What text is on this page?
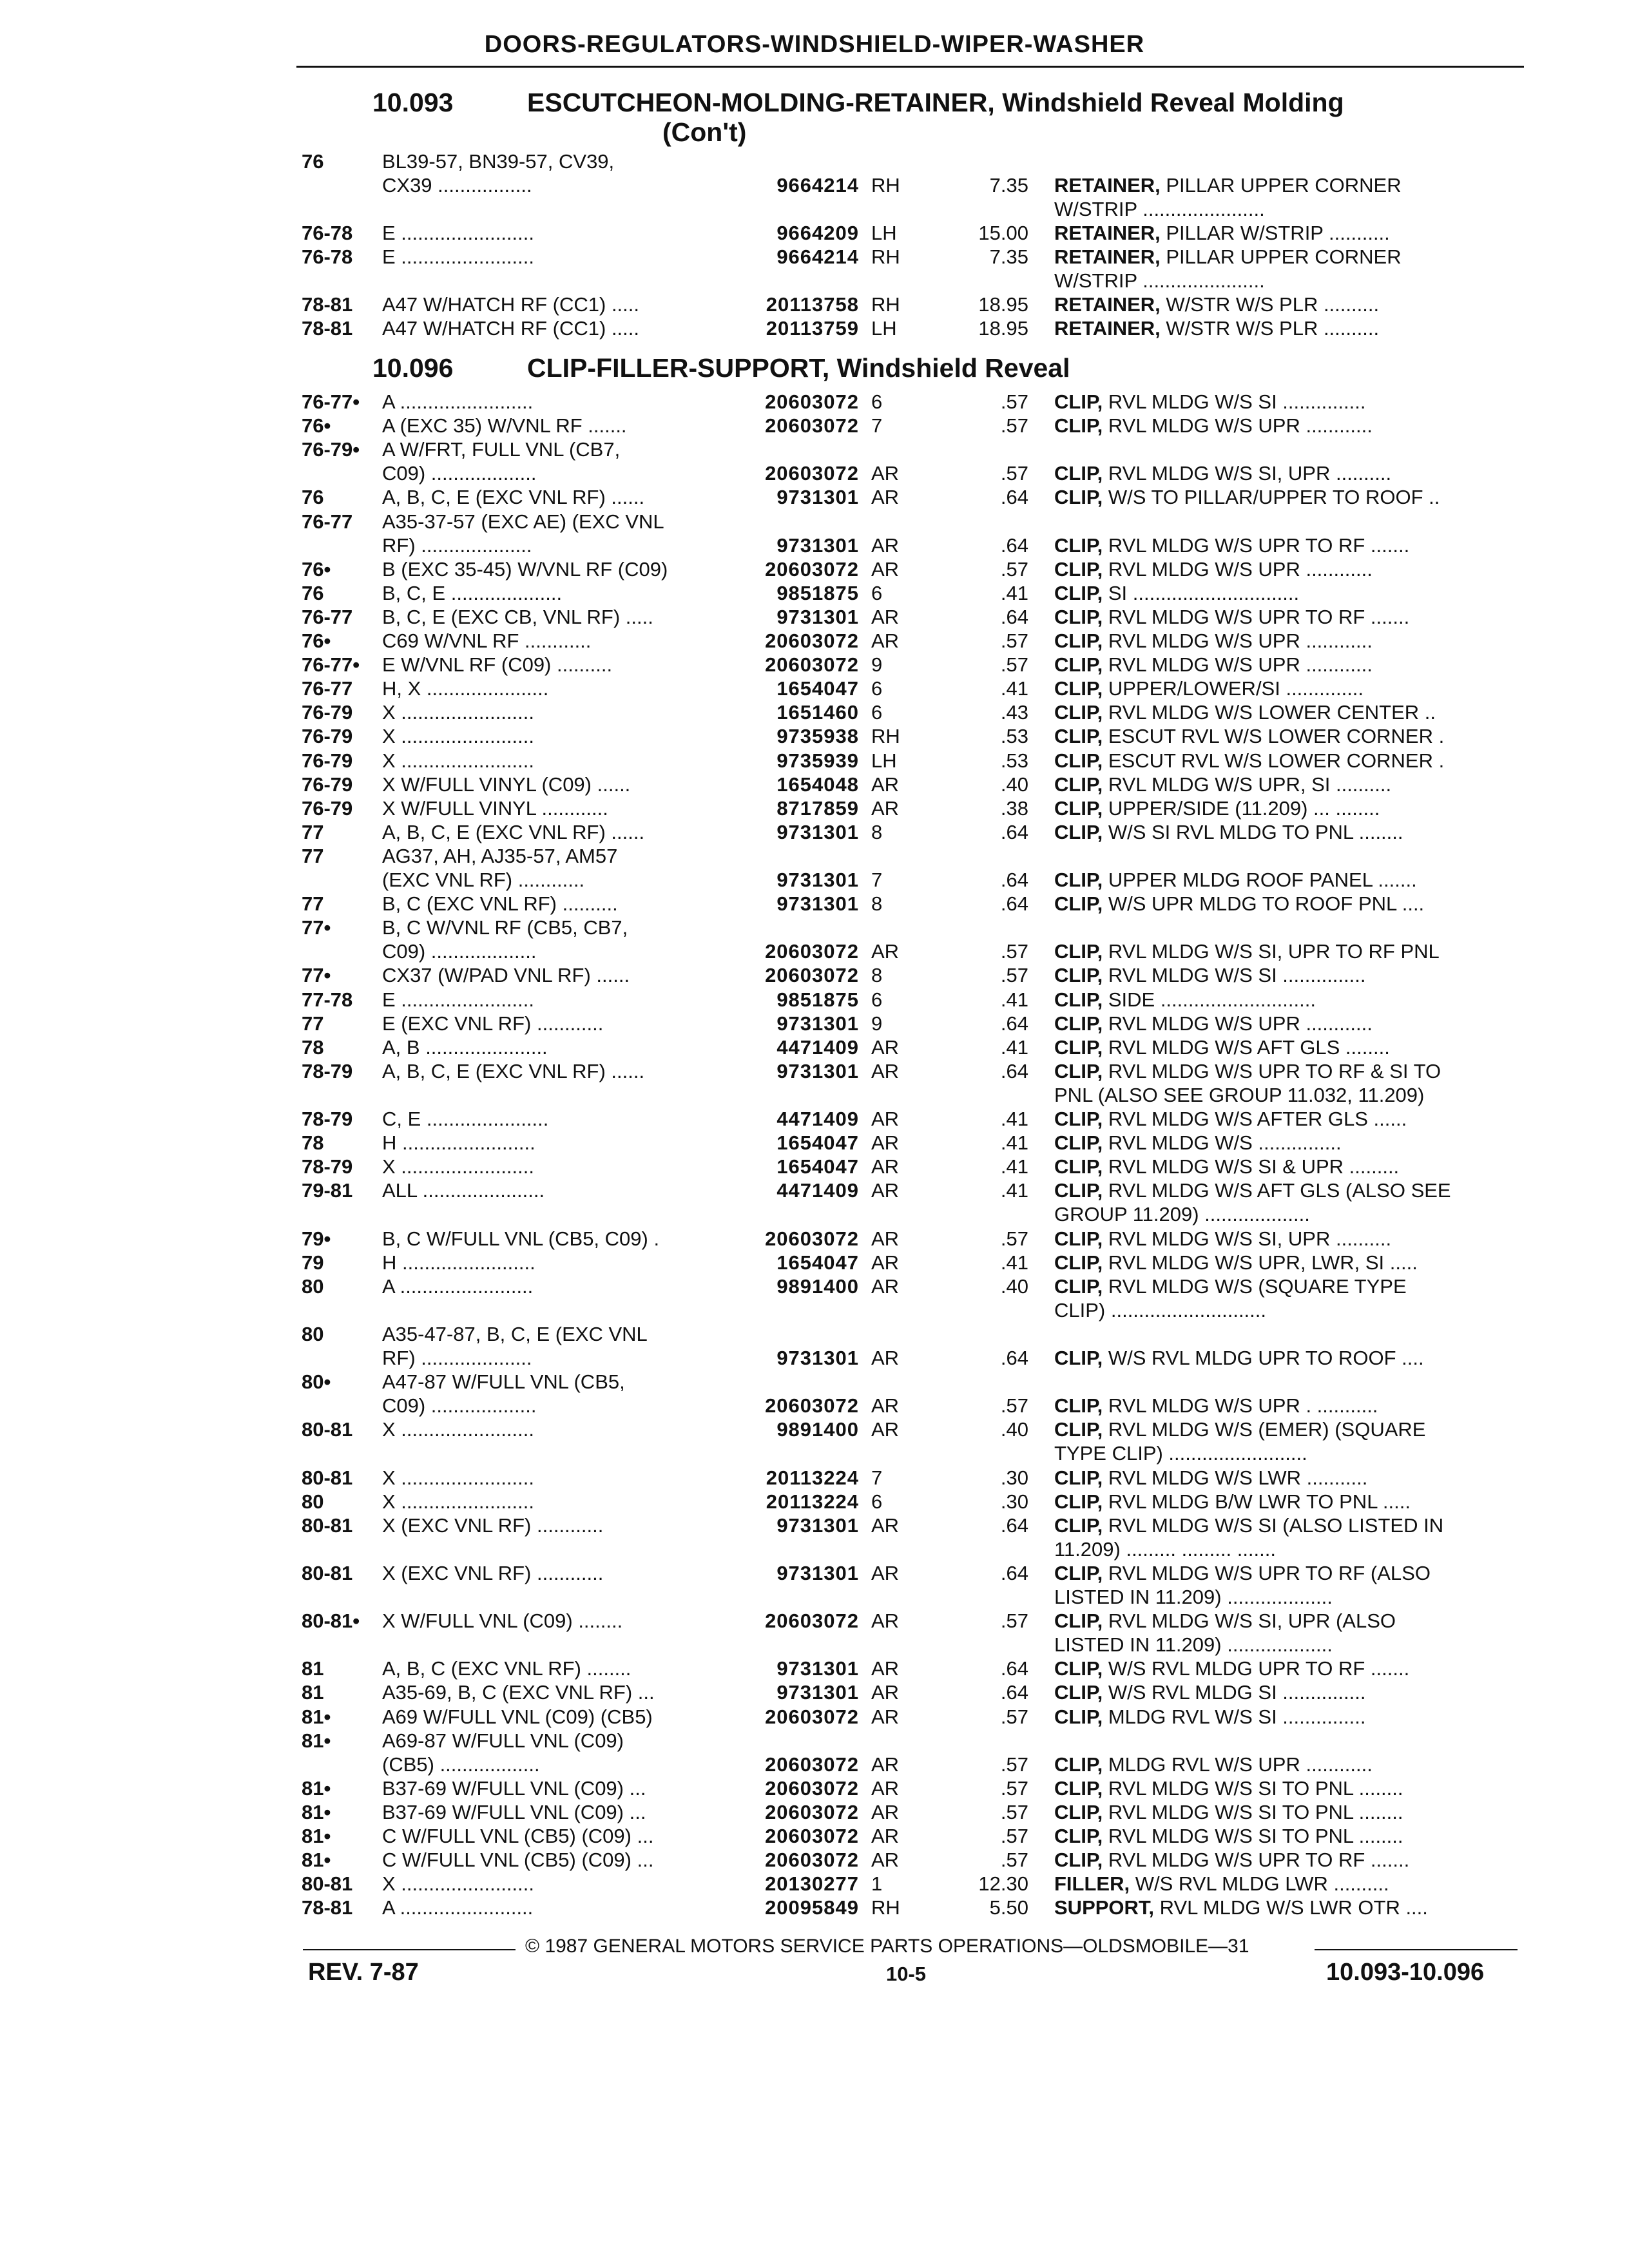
DOORS-REGULATORS-WINDSHIELD-WIPER-WASHER
10.093	ESCUTCHEON-MOLDING-RETAINER, Windshield Reveal Molding
(Con't)
76	BL39-57, BN39-57, CV39,
CX39 .................	9664214 RH	7.35 RETAINER, PILLAR UPPER CORNER
W/STRIP ......................
76-78	E ........................	9664209 LH	15.00 RETAINER, PILLAR W/STRIP ...........
76-78	E ........................	9664214 RH	7.35 RETAINER, PILLAR UPPER CORNER
W/STRIP ......................
78-81	A47 W/HATCH RF (CC1) .....	20113758 RH	18.95 RETAINER, W/STR W/S PLR ..........
78-81	A47 W/HATCH RF (CC1) .....	20113759 LH	18.95 RETAINER, W/STR W/S PLR ..........
10.096	CLIP-FILLER-SUPPORT, Windshield Reveal
76-77•	A ........................	20603072 6	.57 CLIP, RVL MLDG W/S SI ...............
76•	A (EXC 35) W/VNL RF .......	20603072 7	.57 CLIP, RVL MLDG W/S UPR ............
76-79•	A W/FRT, FULL VNL (CB7,
C09) ...................	20603072 AR	.57 CLIP, RVL MLDG W/S SI, UPR ..........
76	A, B, C, E (EXC VNL RF) ......	9731301 AR	.64 CLIP, W/S TO PILLAR/UPPER TO ROOF ..
76-77	A35-37-57 (EXC AE) (EXC VNL
RF) ....................	9731301 AR	.64 CLIP, RVL MLDG W/S UPR TO RF .......
76•	B (EXC 35-45) W/VNL RF (C09)	20603072 AR	.57 CLIP, RVL MLDG W/S UPR ............
76	B, C, E ....................	9851875 6	.41 CLIP, SI ..............................
76-77	B, C, E (EXC CB, VNL RF) .....	9731301 AR	.64 CLIP, RVL MLDG W/S UPR TO RF .......
76•	C69 W/VNL RF ............	20603072 AR	.57 CLIP, RVL MLDG W/S UPR ............
76-77•	E W/VNL RF (C09) ..........	20603072 9	.57 CLIP, RVL MLDG W/S UPR ............
76-77	H, X ......................	1654047 6	.41 CLIP, UPPER/LOWER/SI ..............
76-79	X ........................	1651460 6	.43 CLIP, RVL MLDG W/S LOWER CENTER ..
76-79	X ........................	9735938 RH	.53 CLIP, ESCUT RVL W/S LOWER CORNER .
76-79	X ........................	9735939 LH	.53 CLIP, ESCUT RVL W/S LOWER CORNER .
76-79	X W/FULL VINYL (C09) ......	1654048 AR	.40 CLIP, RVL MLDG W/S UPR, SI ..........
76-79	X W/FULL VINYL ............	8717859 AR	.38 CLIP, UPPER/SIDE (11.209) ... ........
77	A, B, C, E (EXC VNL RF) ......	9731301 8	.64 CLIP, W/S SI RVL MLDG TO PNL ........
77	AG37, AH, AJ35-57, AM57
(EXC VNL RF) ............	9731301 7	.64 CLIP, UPPER MLDG ROOF PANEL .......
77	B, C (EXC VNL RF) ..........	9731301 8	.64 CLIP, W/S UPR MLDG TO ROOF PNL ....
77•	B, C W/VNL RF (CB5, CB7,
C09) ...................	20603072 AR	.57 CLIP, RVL MLDG W/S SI, UPR TO RF PNL
77•	CX37 (W/PAD VNL RF) ......	20603072 8	.57 CLIP, RVL MLDG W/S SI ...............
77-78	E ........................	9851875 6	.41 CLIP, SIDE ............................
77	E (EXC VNL RF) ............	9731301 9	.64 CLIP, RVL MLDG W/S UPR ............
78	A, B ......................	4471409 AR	.41 CLIP, RVL MLDG W/S AFT GLS ........
78-79	A, B, C, E (EXC VNL RF) ......	9731301 AR	.64 CLIP, RVL MLDG W/S UPR TO RF & SI TO
PNL (ALSO SEE GROUP 11.032, 11.209)
78-79	C, E ......................	4471409 AR	.41 CLIP, RVL MLDG W/S AFTER GLS ......
78	H ........................	1654047 AR	.41 CLIP, RVL MLDG W/S ...............
78-79	X ........................	1654047 AR	.41 CLIP, RVL MLDG W/S SI & UPR .........
79-81	ALL ......................	4471409 AR	.41 CLIP, RVL MLDG W/S AFT GLS (ALSO SEE
GROUP 11.209) ...................
79•	B, C W/FULL VNL (CB5, C09) .	20603072 AR	.57 CLIP, RVL MLDG W/S SI, UPR ..........
79	H ........................	1654047 AR	.41 CLIP, RVL MLDG W/S UPR, LWR, SI .....
80	A ........................	9891400 AR	.40 CLIP, RVL MLDG W/S (SQUARE TYPE
CLIP) ............................
80	A35-47-87, B, C, E (EXC VNL
RF) ....................	9731301 AR	.64 CLIP, W/S RVL MLDG UPR TO ROOF ....
80•	A47-87 W/FULL VNL (CB5,
C09) ...................	20603072 AR	.57 CLIP, RVL MLDG W/S UPR . ...........
80-81	X ........................	9891400 AR	.40 CLIP, RVL MLDG W/S (EMER) (SQUARE
TYPE CLIP) .........................
80-81	X ........................	20113224 7	.30 CLIP, RVL MLDG W/S LWR ...........
80	X ........................	20113224 6	.30 CLIP, RVL MLDG B/W LWR TO PNL .....
80-81	X (EXC VNL RF) ............	9731301 AR	.64 CLIP, RVL MLDG W/S SI (ALSO LISTED IN
11.209) ......... ......... .......
80-81	X (EXC VNL RF) ............	9731301 AR	.64 CLIP, RVL MLDG W/S UPR TO RF (ALSO
LISTED IN 11.209) ...................
80-81•	X W/FULL VNL (C09) ........	20603072 AR	.57 CLIP, RVL MLDG W/S SI, UPR (ALSO
LISTED IN 11.209) ...................
81	A, B, C (EXC VNL RF) ........	9731301 AR	.64 CLIP, W/S RVL MLDG UPR TO RF .......
81	A35-69, B, C (EXC VNL RF) ...	9731301 AR	.64 CLIP, W/S RVL MLDG SI ...............
81•	A69 W/FULL VNL (C09) (CB5)	20603072 AR	.57 CLIP, MLDG RVL W/S SI ...............
81•	A69-87 W/FULL VNL (C09)
(CB5) ..................	20603072 AR	.57 CLIP, MLDG RVL W/S UPR ............
81•	B37-69 W/FULL VNL (C09) ...	20603072 AR	.57 CLIP, RVL MLDG W/S SI TO PNL ........
81•	B37-69 W/FULL VNL (C09) ...	20603072 AR	.57 CLIP, RVL MLDG W/S SI TO PNL ........
81•	C W/FULL VNL (CB5) (C09) ...	20603072 AR	.57 CLIP, RVL MLDG W/S SI TO PNL ........
81•	C W/FULL VNL (CB5) (C09) ...	20603072 AR	.57 CLIP, RVL MLDG W/S UPR TO RF .......
80-81	X ........................	20130277 1	12.30 FILLER, W/S RVL MLDG LWR ..........
78-81	A ........................	20095849 RH	5.50 SUPPORT, RVL MLDG W/S LWR OTR ....
© 1987 GENERAL MOTORS SERVICE PARTS OPERATIONS—OLDSMOBILE—31
REV. 7-87	10-5	10.093-10.096
